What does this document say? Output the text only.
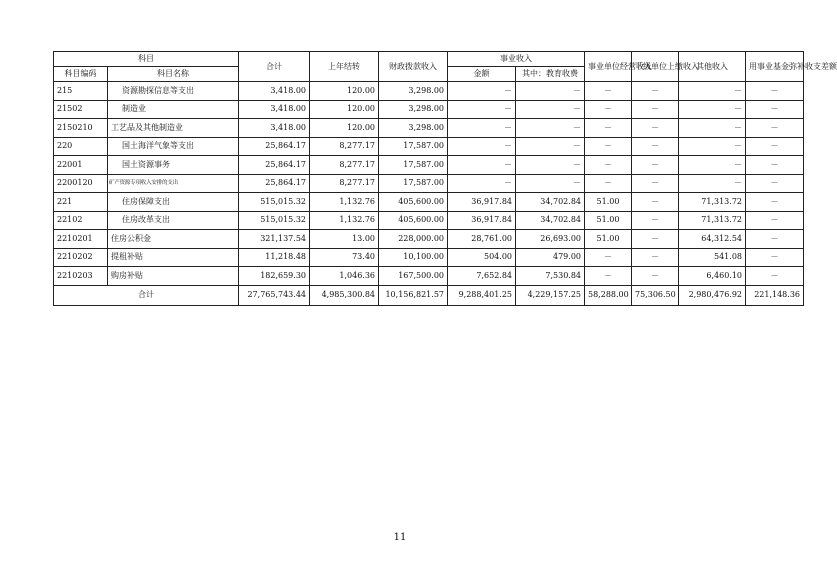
科目		合计	上年结转	财政拨款收入	事业收入		事业单位经营收入	下级单位上缴收入	其他收入	用事业基金弥补收支差额
科目编码	科目名称				金额	其中：教育收费				
215	资源勘探信息等支出	3,418.00	120.00	3,298.00	－	－	－	－	－	－
21502	制造业	3,418.00	120.00	3,298.00	－	－	－	－	－	－
2150210	工艺品及其他制造业	3,418.00	120.00	3,298.00	－	－	－	－	－	－
220	国土海洋气象等支出	25,864.17	8,277.17	17,587.00	－	－	－	－	－	－
22001	国土资源事务	25,864.17	8,277.17	17,587.00	－	－	－	－	－	－
2200120	矿产资源专项收入安排的支出	25,864.17	8,277.17	17,587.00	－	－	－	－	－	－
221	住房保障支出	515,015.32	1,132.76	405,600.00	36,917.84	34,702.84	51.00	－	71,313.72	－
22102	住房改革支出	515,015.32	1,132.76	405,600.00	36,917.84	34,702.84	51.00	－	71,313.72	－
2210201	住房公积金	321,137.54	13.00	228,000.00	28,761.00	26,693.00	51.00	－	64,312.54	－
2210202	提租补贴	11,218.48	73.40	10,100.00	504.00	479.00	－	－	541.08	－
2210203	购房补贴	182,659.30	1,046.36	167,500.00	7,652.84	7,530.84	－	－	6,460.10	－
合计		27,765,743.44	4,985,300.84	10,156,821.57	9,288,401.25	4,229,157.25	58,288.00	75,306.50	2,980,476.92	221,148.36
11
